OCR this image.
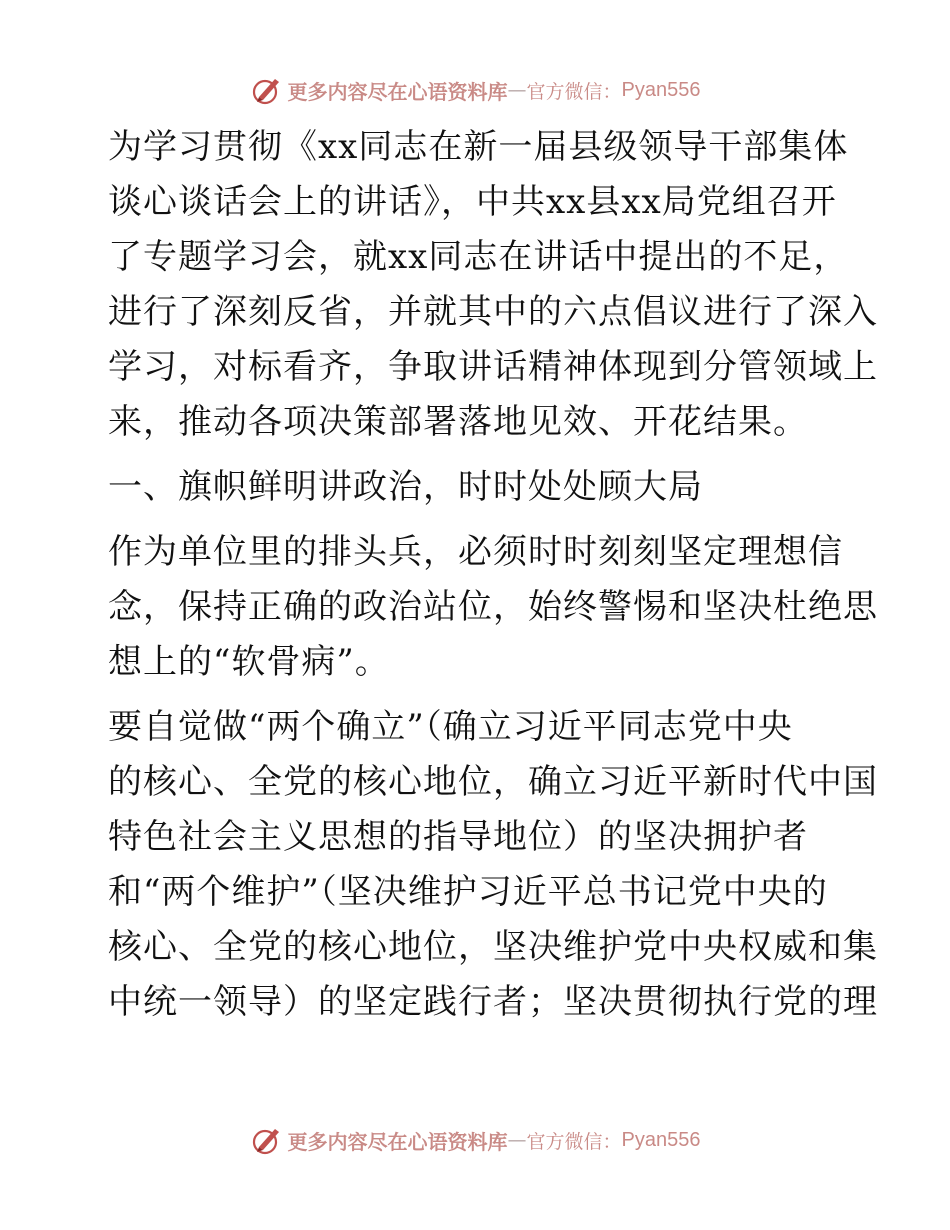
更多内容尽在心语资料库 — 官方微信： Pyan556

为学习贯彻《xx同志在新一届县级领导干部集体
谈心谈话会上的讲话》，中共xx县xx局党组召开
了专题学习会，就xx同志在讲话中提出的不足，
进行了深刻反省，并就其中的六点倡议进行了深入
学习，对标看齐，争取讲话精神体现到分管领域上
来，推动各项决策部署落地见效、开花结果。

一、旗帜鲜明讲政治，时时处处顾大局

作为单位里的排头兵，必须时时刻刻坚定理想信
念，保持正确的政治站位，始终警惕和坚决杜绝思
想上的“软骨病”。

要自觉做“两个确立”（确立习近平同志党中央
的核心、全党的核心地位，确立习近平新时代中国
特色社会主义思想的指导地位）的坚决拥护者
和“两个维护”（坚决维护习近平总书记党中央的
核心、全党的核心地位，坚决维护党中央权威和集
中统一领导）的坚定践行者；坚决贯彻执行党的理

更多内容尽在心语资料库 — 官方微信： Pyan556
